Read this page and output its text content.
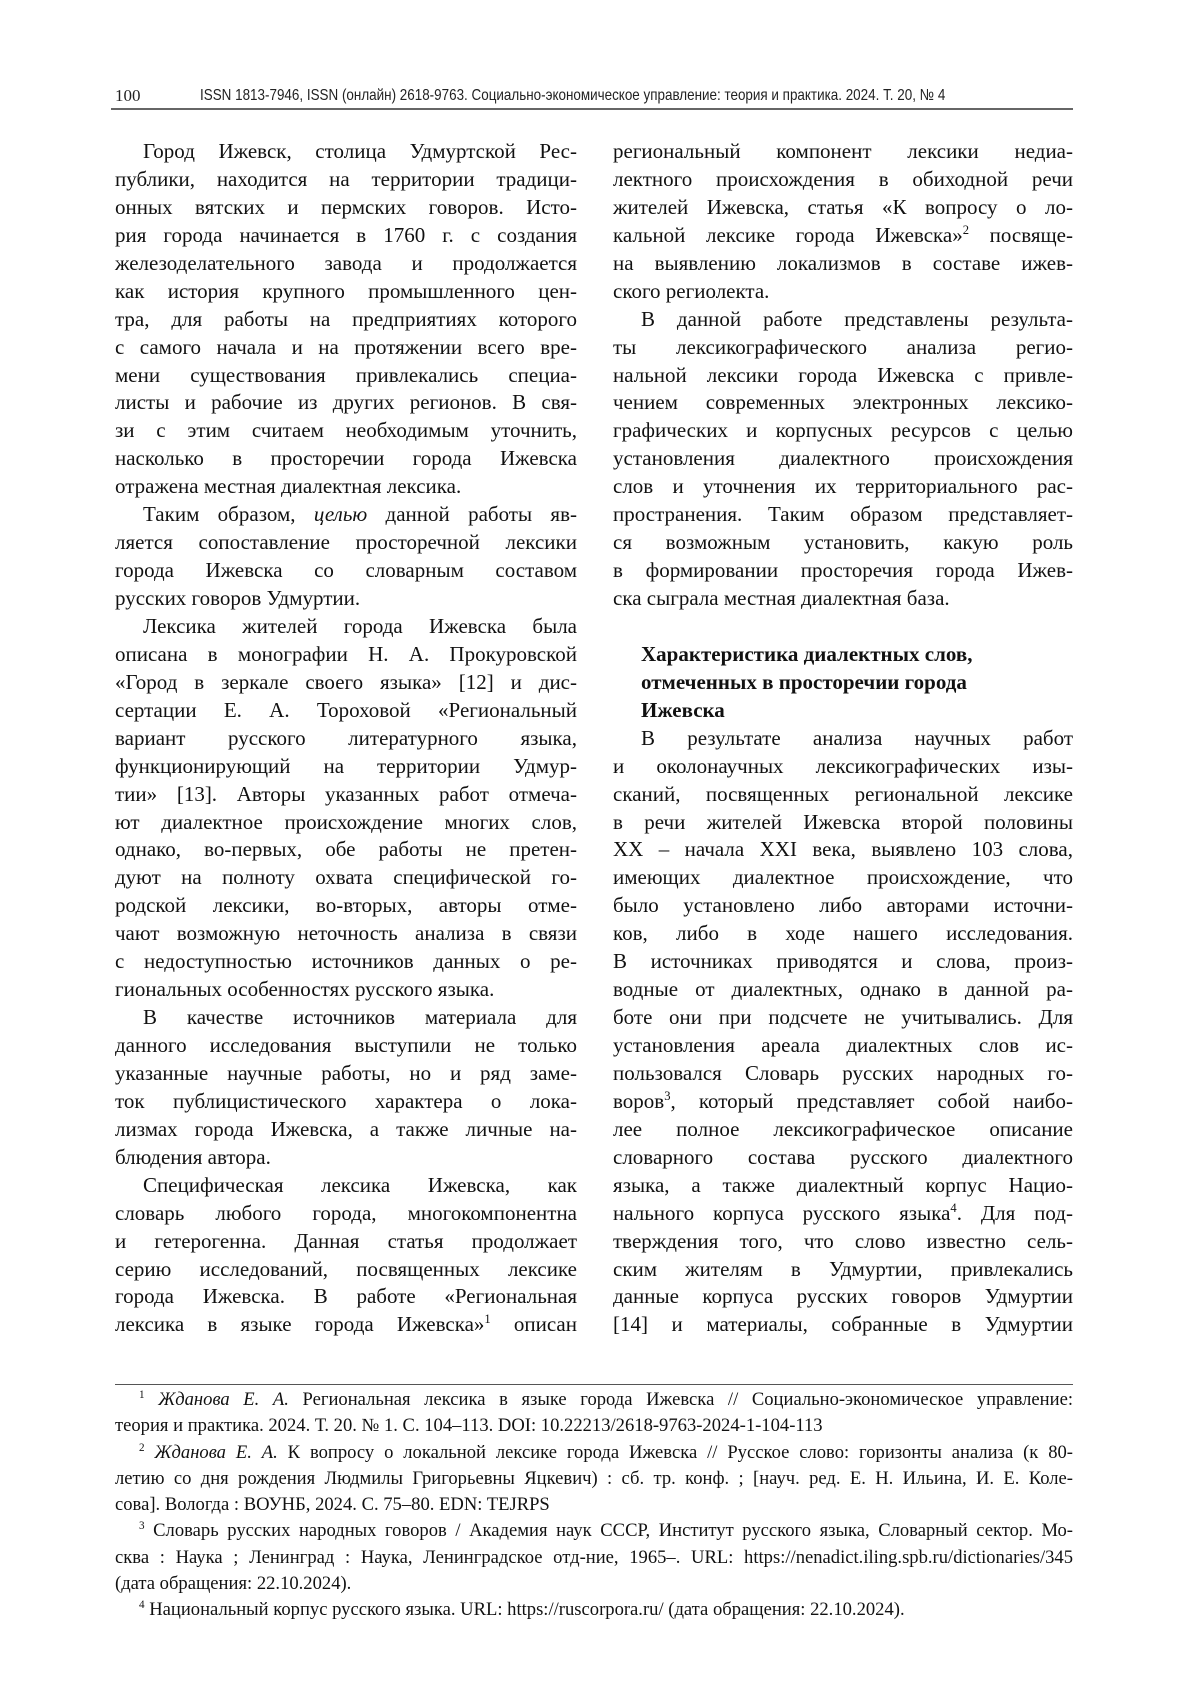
100	ISSN 1813-7946, ISSN (онлайн) 2618-9763. Социально-экономическое управление: теория и практика. 2024. Т. 20, № 4
Город Ижевск, столица Удмуртской Рес-
публики, находится на территории традици-
онных вятских и пермских говоров. Исто-
рия города начинается в 1760 г. с создания
железоделательного завода и продолжается
как история крупного промышленного цен-
тра, для работы на предприятиях которого
с самого начала и на протяжении всего вре-
мени существования привлекались специа-
листы и рабочие из других регионов. В свя-
зи с этим считаем необходимым уточнить,
насколько в просторечии города Ижевска
отражена местная диалектная лексика.
Таким образом, целью данной работы яв-
ляется сопоставление просторечной лексики
города Ижевска со словарным составом
русских говоров Удмуртии.
Лексика жителей города Ижевска была
описана в монографии Н. А. Прокуровской
«Город в зеркале своего языка» [12] и дис-
сертации Е. А. Тороховой «Региональный
вариант русского литературного языка,
функционирующий на территории Удмур-
тии» [13]. Авторы указанных работ отмеча-
ют диалектное происхождение многих слов,
однако, во-первых, обе работы не претен-
дуют на полноту охвата специфической го-
родской лексики, во-вторых, авторы отме-
чают возможную неточность анализа в связи
с недоступностью источников данных о ре-
гиональных особенностях русского языка.
В качестве источников материала для
данного исследования выступили не только
указанные научные работы, но и ряд заме-
ток публицистического характера о лока-
лизмах города Ижевска, а также личные на-
блюдения автора.
Специфическая лексика Ижевска, как
словарь любого города, многокомпонентна
и гетерогенна. Данная статья продолжает
серию исследований, посвященных лексике
города Ижевска. В работе «Региональная
лексика в языке города Ижевска»1 описан
региональный компонент лексики недиа-
лектного происхождения в обиходной речи
жителей Ижевска, статья «К вопросу о ло-
кальной лексике города Ижевска»2 посвяще-
на выявлению локализмов в составе ижев-
ского региолекта.
В данной работе представлены результа-
ты лексикографического анализа регио-
нальной лексики города Ижевска с привле-
чением современных электронных лексико-
графических и корпусных ресурсов с целью
установления диалектного происхождения
слов и уточнения их территориального рас-
пространения. Таким образом представляет-
ся возможным установить, какую роль
в формировании просторечия города Ижев-
ска сыграла местная диалектная база.
Характеристика диалектных слов,
отмеченных в просторечии города
Ижевска
В результате анализа научных работ
и околонаучных лексикографических изы-
сканий, посвященных региональной лексике
в речи жителей Ижевска второй половины
XX – начала XXI века, выявлено 103 слова,
имеющих диалектное происхождение, что
было установлено либо авторами источни-
ков, либо в ходе нашего исследования.
В источниках приводятся и слова, произ-
водные от диалектных, однако в данной ра-
боте они при подсчете не учитывались. Для
установления ареала диалектных слов ис-
пользовался Словарь русских народных го-
воров3, который представляет собой наибо-
лее полное лексикографическое описание
словарного состава русского диалектного
языка, а также диалектный корпус Нацио-
нального корпуса русского языка4. Для под-
тверждения того, что слово известно сель-
ским жителям в Удмуртии, привлекались
данные корпуса русских говоров Удмуртии
[14] и материалы, собранные в Удмуртии
1 Жданова Е. А. Региональная лексика в языке города Ижевска // Социально-экономическое управление:
теория и практика. 2024. Т. 20. № 1. С. 104–113. DOI: 10.22213/2618-9763-2024-1-104-113
2 Жданова Е. А. К вопросу о локальной лексике города Ижевска // Русское слово: горизонты анализа (к 80-
летию со дня рождения Людмилы Григорьевны Яцкевич) : сб. тр. конф. ; [науч. ред. Е. Н. Ильина, И. Е. Коле-
сова]. Вологда : ВОУНБ, 2024. С. 75–80. EDN: TEJRPS
3 Словарь русских народных говоров / Академия наук СССР, Институт русского языка, Словарный сектор. Мо-
сква : Наука ; Ленинград : Наука, Ленинградское отд-ние, 1965–. URL: https://nenadict.iling.spb.ru/dictionaries/345
(дата обращения: 22.10.2024).
4 Национальный корпус русского языка. URL: https://ruscorpora.ru/ (дата обращения: 22.10.2024).
